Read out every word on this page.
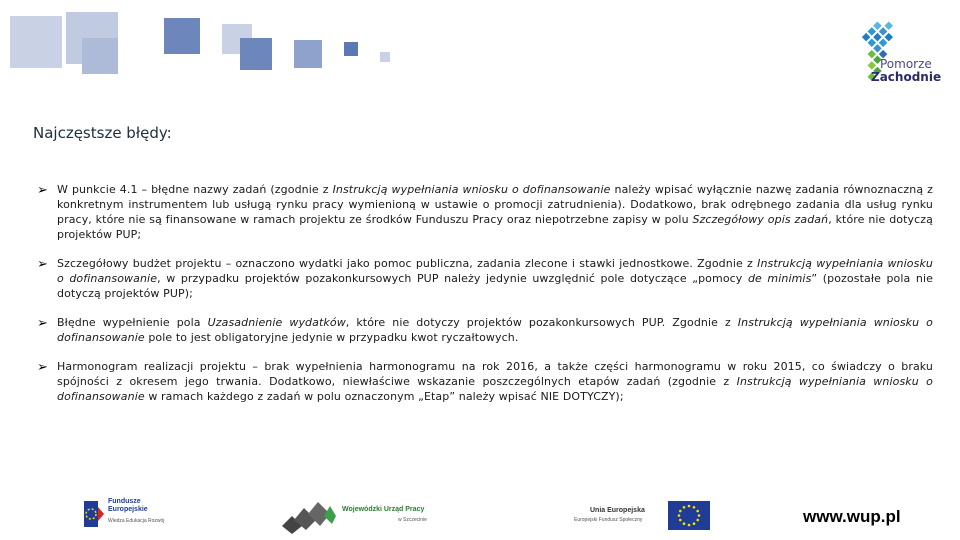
Pomorze
Zachodnie
Najczęstsze błędy:
➢ W punkcie 4.1 – błędne nazwy zadań (zgodnie z Instrukcją wypełniania wniosku o dofinansowanie należy wpisać wyłącznie nazwę zadania równoznaczną z konkretnym instrumentem lub usługą rynku pracy wymienioną w ustawie o promocji zatrudnienia). Dodatkowo, brak odrębnego zadania dla usług rynku pracy, które nie są finansowane w ramach projektu ze środków Funduszu Pracy oraz niepotrzebne zapisy w polu Szczegółowy opis zadań, które nie dotyczą projektów PUP;
➢ Szczegółowy budżet projektu – oznaczono wydatki jako pomoc publiczna, zadania zlecone i stawki jednostkowe. Zgodnie z Instrukcją wypełniania wniosku o dofinansowanie, w przypadku projektów pozakonkursowych PUP należy jedynie uwzględnić pole dotyczące „pomocy de minimis” (pozostałe pola nie dotyczą projektów PUP);
➢ Błędne wypełnienie pola Uzasadnienie wydatków, które nie dotyczy projektów pozakonkursowych PUP. Zgodnie z Instrukcją wypełniania wniosku o dofinansowanie pole to jest obligatoryjne jedynie w przypadku kwot ryczałtowych.
➢ Harmonogram realizacji projektu – brak wypełnienia harmonogramu na rok 2016, a także części harmonogramu w roku 2015, co świadczy o braku spójności z okresem jego trwania. Dodatkowo, niewłaściwe wskazanie poszczególnych etapów zadań (zgodnie z Instrukcją wypełniania wniosku o dofinansowanie w ramach każdego z zadań w polu oznaczonym „Etap” należy wpisać NIE DOTYCZY);
Fundusze
Europejskie
Wiedza Edukacja Rozwój
Wojewódzki Urząd Pracy
w Szczecinie
Unia Europejska
Europejski Fundusz Społeczny	www.wup.pl
